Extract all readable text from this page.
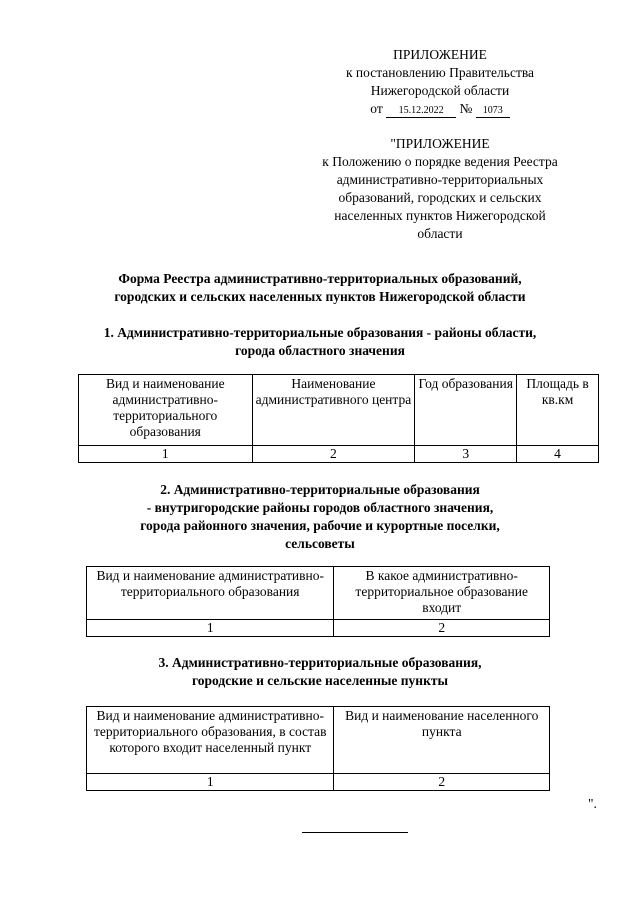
ПРИЛОЖЕНИЕ
к постановлению Правительства
Нижегородской области
от 15.12.2022 № 1073
"ПРИЛОЖЕНИЕ
к Положению о порядке ведения Реестра
административно-территориальных
образований, городских и сельских
населенных пунктов Нижегородской
области
Форма Реестра административно-территориальных образований,
городских и сельских населенных пунктов Нижегородской области
1. Административно-территориальные образования - районы области,
города областного значения
Вид и наименование административно-территориального образования	Наименование административного центра	Год образования	Площадь в кв.км
1	2	3	4
2. Административно-территориальные образования
- внутригородские районы городов областного значения,
города районного значения, рабочие и курортные поселки,
сельсоветы
Вид и наименование административно-территориального образования	В какое административно-территориальное образование входит
1	2
3. Административно-территориальные образования,
городские и сельские населенные пункты
Вид и наименование административно-территориального образования, в состав которого входит населенный пункт	Вид и наименование населенного пункта
1	2
".
